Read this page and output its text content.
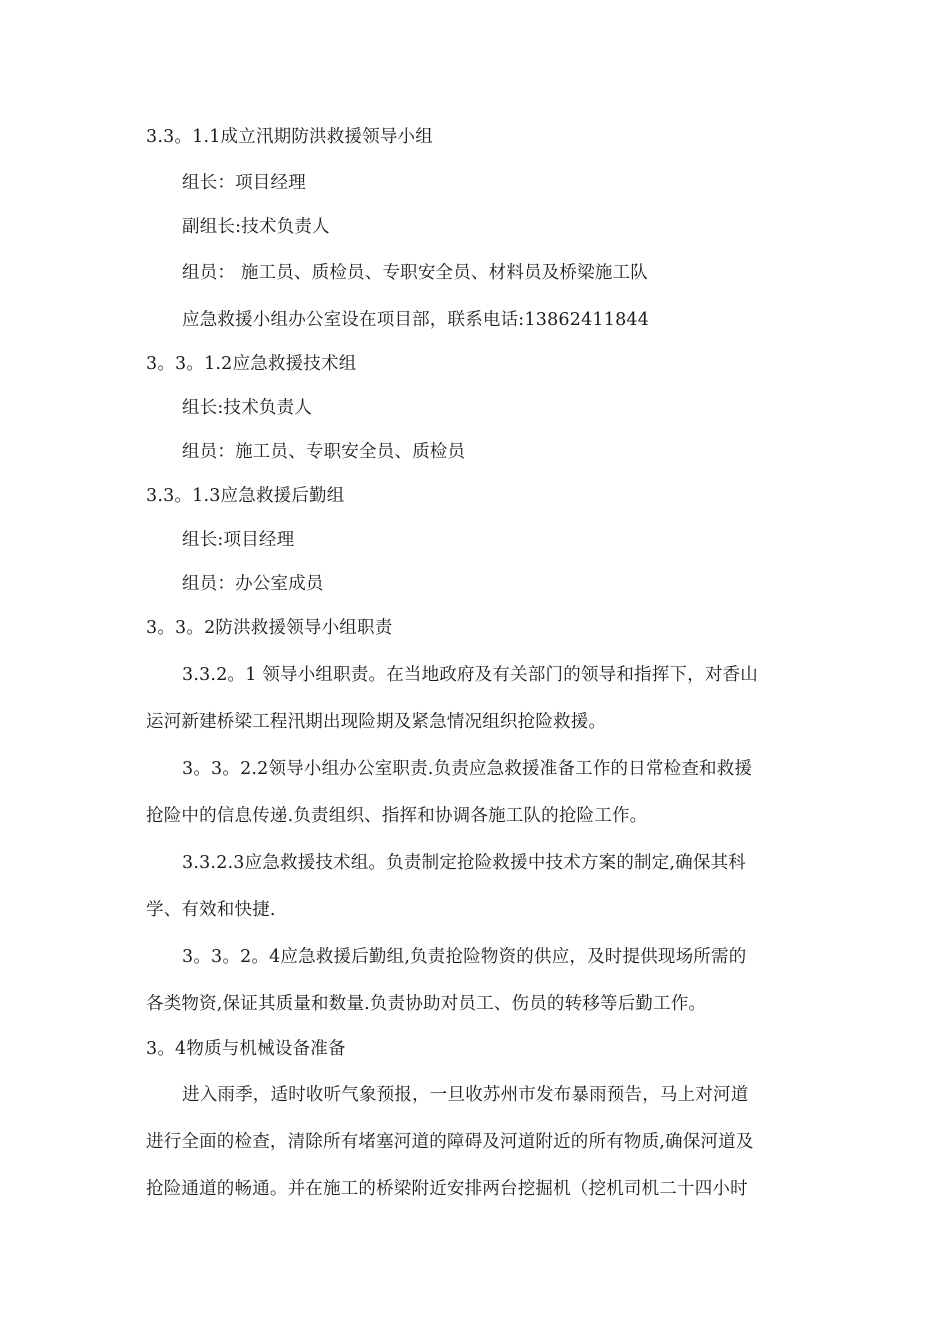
3.3。1.1成立汛期防洪救援领导小组
组长：项目经理
副组长:技术负责人
组员： 施工员、质检员、专职安全员、材料员及桥梁施工队
应急救援小组办公室设在项目部，联系电话:13862411844
3。3。1.2应急救援技术组
组长:技术负责人
组员：施工员、专职安全员、质检员
3.3。1.3应急救援后勤组
组长:项目经理
组员：办公室成员
3。3。2防洪救援领导小组职责
3.3.2。1 领导小组职责。在当地政府及有关部门的领导和指挥下，对香山
运河新建桥梁工程汛期出现险期及紧急情况组织抢险救援。
3。3。2.2领导小组办公室职责.负责应急救援准备工作的日常检查和救援
抢险中的信息传递.负责组织、指挥和协调各施工队的抢险工作。
3.3.2.3应急救援技术组。负责制定抢险救援中技术方案的制定,确保其科
学、有效和快捷.
3。3。2。4应急救援后勤组,负责抢险物资的供应，及时提供现场所需的
各类物资,保证其质量和数量.负责协助对员工、伤员的转移等后勤工作。
3。4物质与机械设备准备
进入雨季，适时收听气象预报，一旦收苏州市发布暴雨预告，马上对河道
进行全面的检查，清除所有堵塞河道的障碍及河道附近的所有物质,确保河道及
抢险通道的畅通。并在施工的桥梁附近安排两台挖掘机（挖机司机二十四小时
